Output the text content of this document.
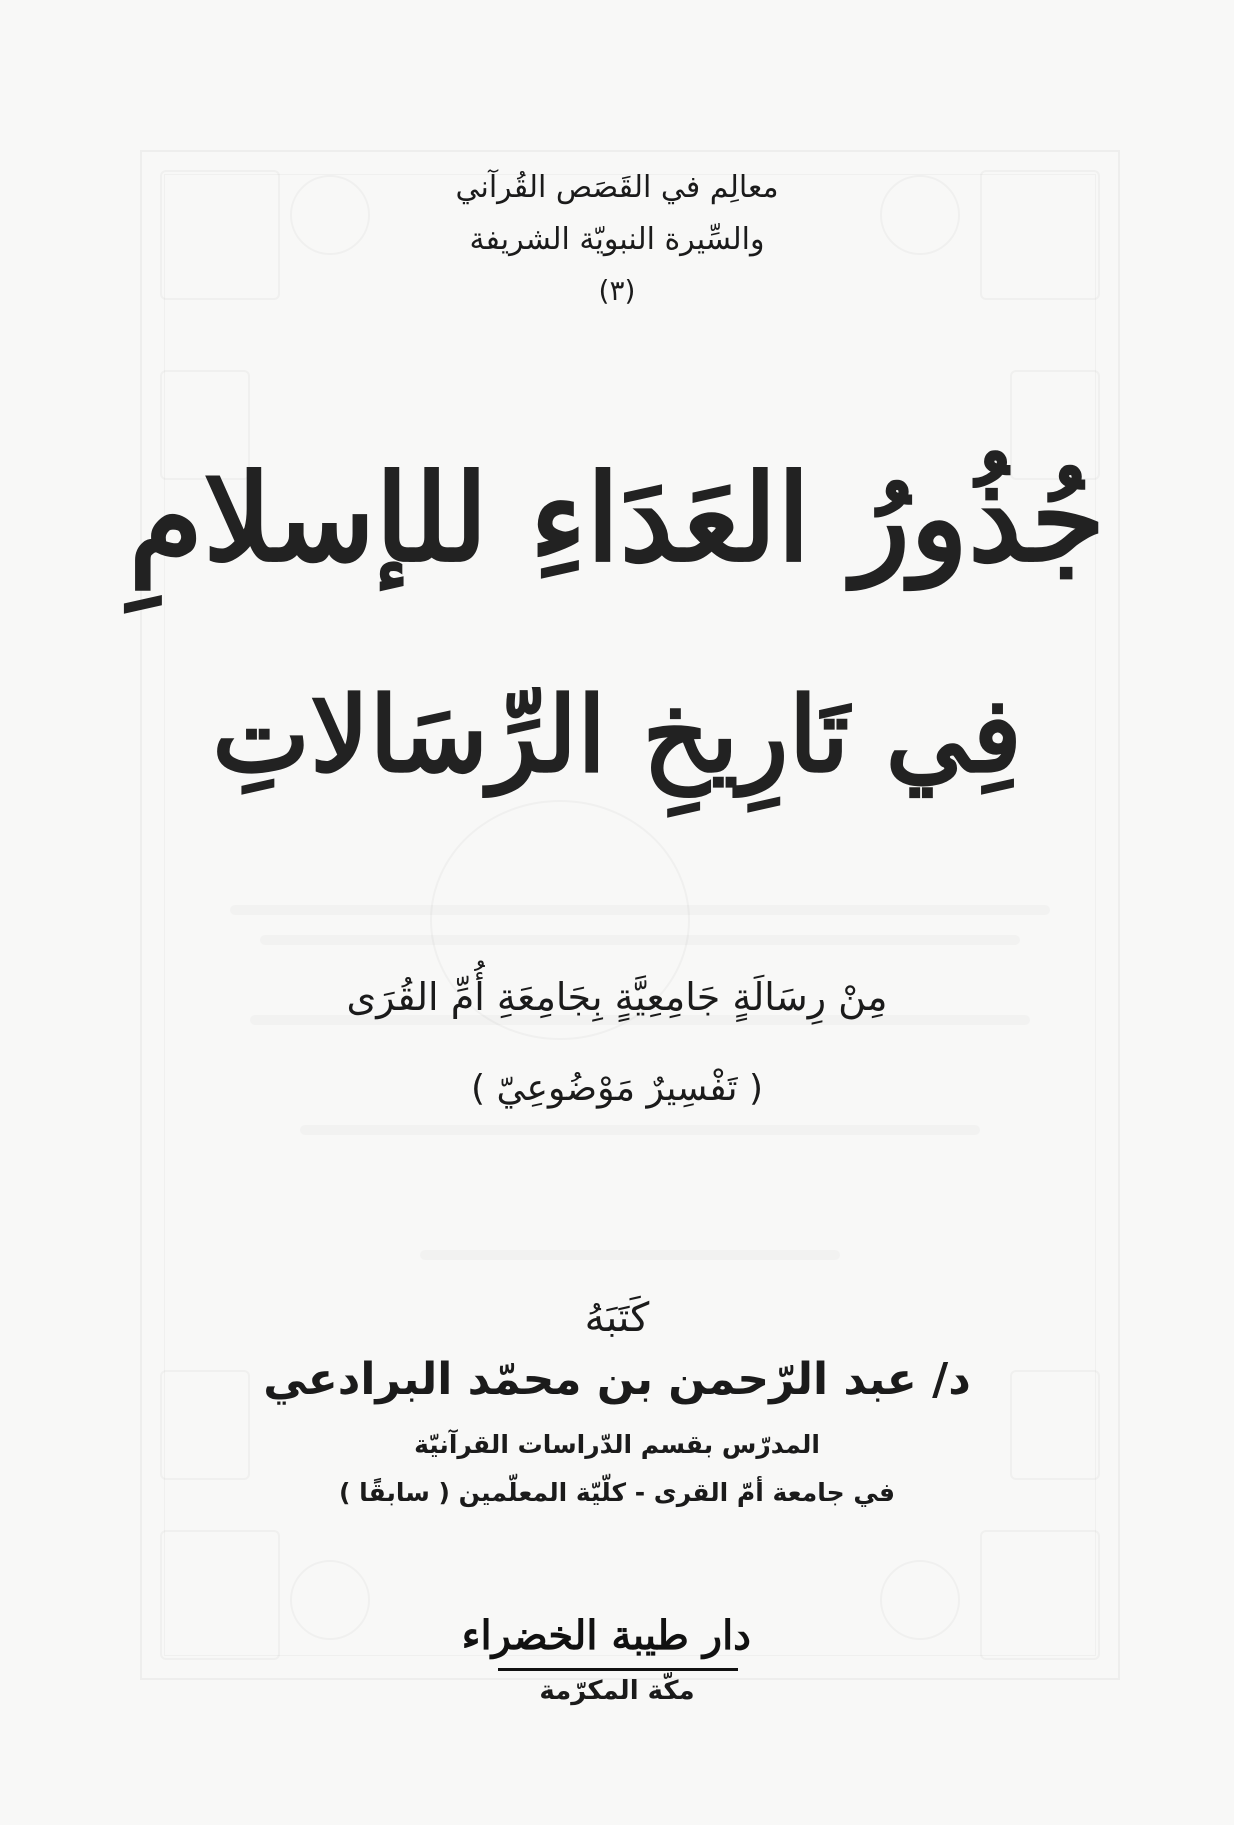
معالِم في القَصَص القُرآني
والسِّيرة النبويّة الشريفة
(٣)
جُذُورُ العَدَاءِ للإسلامِ
فِي تَارِيخِ الرِّسَالاتِ
مِنْ رِسَالَةٍ جَامِعِيَّةٍ بِجَامِعَةِ أُمِّ القُرَى
( تَفْسِيرٌ مَوْضُوعِيّ )
كَتَبَهُ
د/ عبد الرّحمن بن محمّد البرادعي
المدرّس بقسم الدّراسات القرآنيّة
في جامعة أمّ القرى - كلّيّة المعلّمين ( سابقًا )
دار طيبة الخضراء
مكّة المكرّمة
